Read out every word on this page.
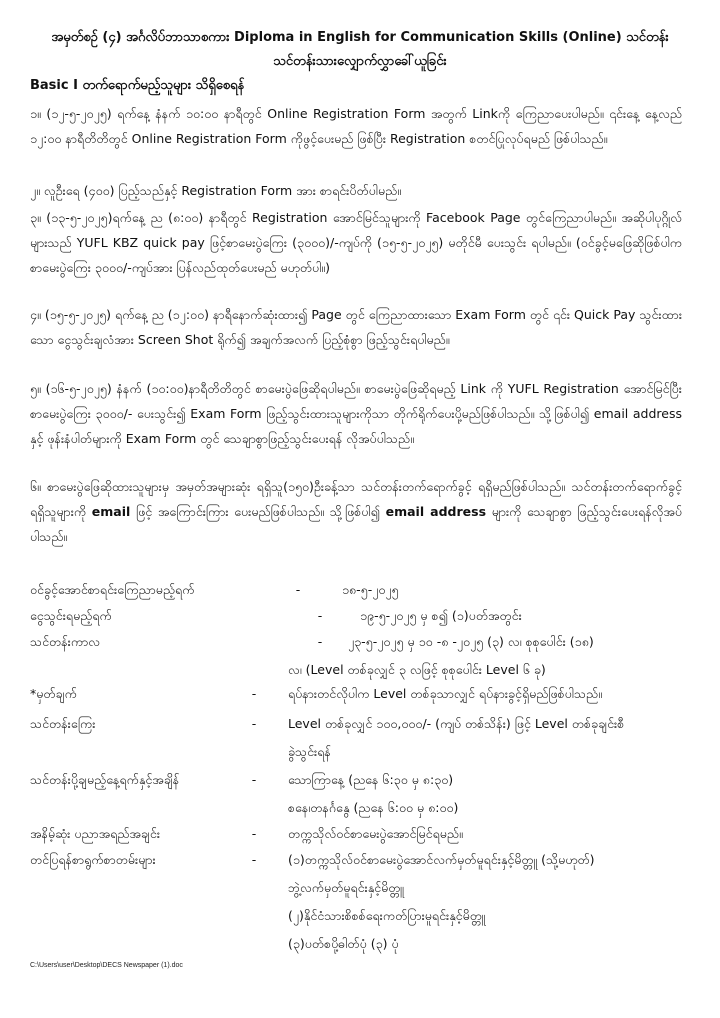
အမှတ်စဉ် (၄) အင်္ဂလိပ်ဘာသာစကား Diploma in English for Communication Skills (Online) သင်တန်း
သင်တန်းသားလျှောက်လွှာခေါ်ယူခြင်း
Basic I တက်ရောက်မည့်သူများ သိရှိစေရန်
၁။ (၁၂-၅-၂၀၂၅) ရက်နေ့ နံနက် ၁၀:၀၀ နာရီတွင် Online Registration Form အတွက် Linkကို ကြေညာပေးပါမည်။ ၎င်းနေ့ နေ့လည် ၁၂:၀၀ နာရီတိတိတွင် Online Registration Form ကိုဖွင့်ပေးမည် ဖြစ်ပြီး Registration စတင်ပြုလုပ်ရမည် ဖြစ်ပါသည်။
၂။ လူဦးရေ (၄၀၀) ပြည့်သည်နှင့် Registration Form အား စာရင်းပိတ်ပါမည်။
၃။ (၁၃-၅-၂၀၂၅)ရက်နေ့ ည (၈:၀၀) နာရီတွင် Registration အောင်မြင်သူများကို Facebook Page တွင်ကြေညာပါမည်။ အဆိုပါပုဂ္ဂိုလ်များသည် YUFL KBZ quick pay ဖြင့်စာမေးပွဲကြေး (၃၀၀၀)/-ကျပ်ကို (၁၅-၅-၂၀၂၅) မတိုင်မီ ပေးသွင်း ရပါမည်။ (ဝင်ခွင့်မဖြေဆိုဖြစ်ပါက စာမေးပွဲကြေး ၃၀၀၀/-ကျပ်အား ပြန်လည်ထုတ်ပေးမည် မဟုတ်ပါ။)
၄။ (၁၅-၅-၂၀၂၅) ရက်နေ့ ည (၁၂:၀၀) နာရီနောက်ဆုံးထား၍ Page တွင် ကြေညာထားသော Exam Form တွင် ၎င်း Quick Pay သွင်းထားသော ငွေသွင်းချလံအား Screen Shot ရိုက်၍ အချက်အလက် ပြည့်စုံစွာ ဖြည့်သွင်းရပါမည်။
၅။ (၁၆-၅-၂၀၂၅) နံနက် (၁၀:၀၀)နာရီတိတိတွင် စာမေးပွဲဖြေဆိုရပါမည်။ စာမေးပွဲဖြေဆိုရမည့် Link ကို YUFL Registration အောင်မြင်ပြီး စာမေးပွဲကြေး ၃၀၀၀/- ပေးသွင်း၍ Exam Form ဖြည့်သွင်းထားသူများကိုသာ တိုက်ရိုက်ပေးပို့မည်ဖြစ်ပါသည်။ သို့ဖြစ်ပါ၍ email address နှင့် ဖုန်းနံပါတ်များကို Exam Form တွင် သေချာစွာဖြည့်သွင်းပေးရန် လိုအပ်ပါသည်။
၆။ စာမေးပွဲဖြေဆိုထားသူများမှ အမှတ်အများဆုံး ရရှိသူ(၁၅၀)ဦးခန့်သာ သင်တန်းတက်ရောက်ခွင့် ရရှိမည်ဖြစ်ပါသည်။ သင်တန်းတက်ရောက်ခွင့်ရရှိသူများကို email ဖြင့် အကြောင်းကြား ပေးမည်ဖြစ်ပါသည်။ သို့ဖြစ်ပါ၍ email address များကို သေချာစွာ ဖြည့်သွင်းပေးရန်လိုအပ်ပါသည်။
ဝင်ခွင့်အောင်စာရင်းကြေညာမည့်ရက်	-	၁၈-၅-၂၀၂၅
ငွေသွင်းရမည့်ရက်	-	၁၉-၅-၂၀၂၅ မှ စ၍ (၁)ပတ်အတွင်း
သင်တန်းကာလ	-	၂၃-၅-၂၀၂၅ မှ ၁၀ -၈ -၂၀၂၅ (၃) လ၊ စုစုပေါင်း (၁၈)
လ၊ (Level တစ်ခုလျှင် ၃ လဖြင့် စုစုပေါင်း Level ၆ ခု)
*မှတ်ချက်	-	ရပ်နားတင်လိုပါက Level တစ်ခုသာလျှင် ရပ်နားခွင့်ရှိမည်ဖြစ်ပါသည်။
သင်တန်းကြေး	-	Level တစ်ခုလျှင် ၁၀၀,၀၀၀/- (ကျပ် တစ်သိန်း) ဖြင့် Level တစ်ခုချင်းစီ
ခွဲသွင်းရန်
သင်တန်းပို့ချမည့်နေ့ရက်နှင့်အချိန်	-	သောကြာနေ့ (ညနေ ၆:၃၀ မှ ၈:၃၀)
စနေ၊တနင်္ဂနွေ (ညနေ ၆:၀၀ မှ ၈:၀၀)
အနိမ့်ဆုံး ပညာအရည်အချင်း	-	တက္ကသိုလ်ဝင်စာမေးပွဲအောင်မြင်ရမည်။
တင်ပြရန်စာရွက်စာတမ်းများ	-	(၁)တက္ကသိုလ်ဝင်စာမေးပွဲအောင်လက်မှတ်မူရင်းနှင့်မိတ္တူ (သို့မဟုတ်)
ဘွဲ့လက်မှတ်မူရင်းနှင့်မိတ္တူ
(၂)နိုင်ငံသားစိစစ်ရေးကတ်ပြားမူရင်းနှင့်မိတ္တူ
(၃)ပတ်စပို့ဓါတ်ပုံ (၃) ပုံ
C:\Users\user\Desktop\DECS Newspaper (1).doc
